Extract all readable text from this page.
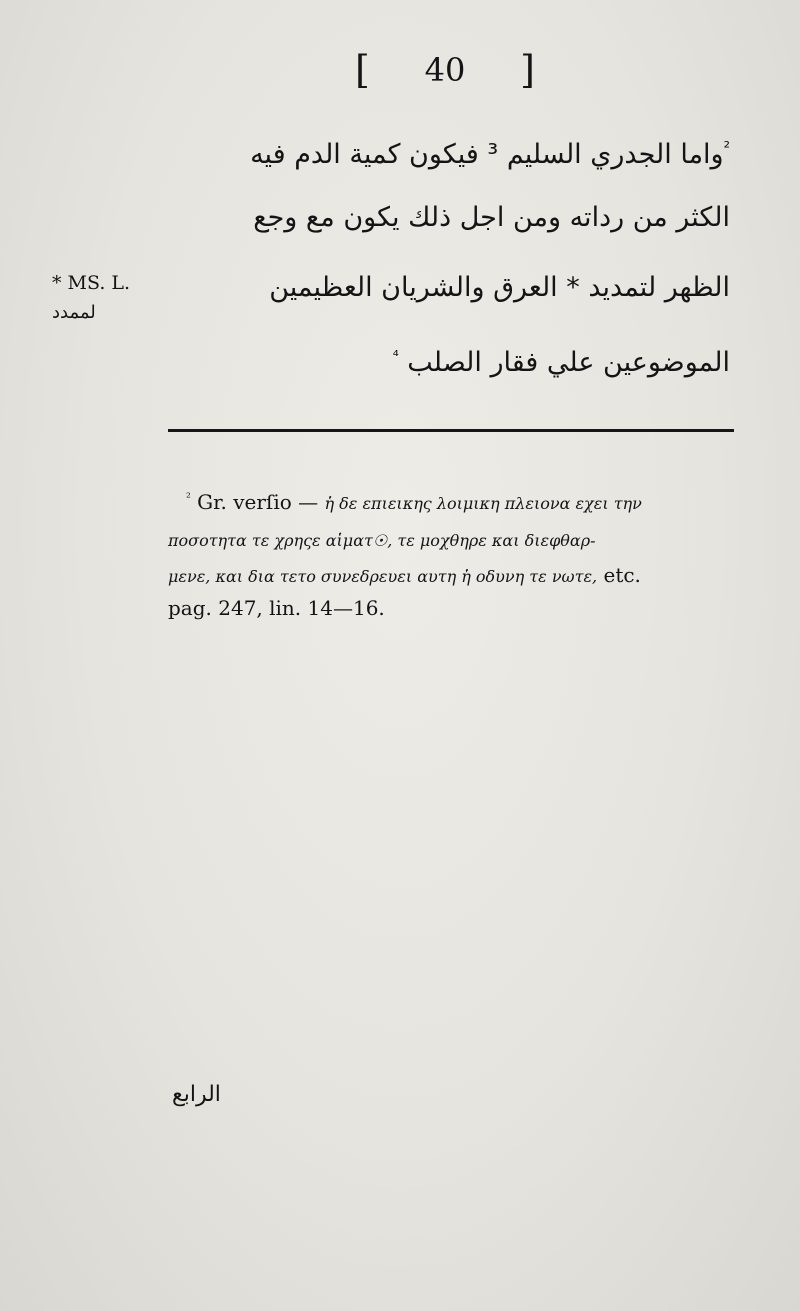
[ 40 ]
$^{^2}$واما الجدري السليم ³ فيكون كمية الدم فيه
الكثر من رداته ومن اجل ذلك يكون مع وجع
الظهر لتمديد * العرق والشريان العظيمين
الموضوعين علي فقار الصلب $^{^4}$
* MS. L.
لممدد
$^{^2}$ Gr. verſio — ἡ δε επιεικης λοιμικη πλειονα εχει την
ποσοτητα τε χρηςε αἱματ☉, τε μοχθηρε και διεφθαρ-
μενε, και δια τετο συνεδρευει αυτη ἡ οδυνη τε νωτε, etc.
pag. 247, lin. 14—16.
الرابع
